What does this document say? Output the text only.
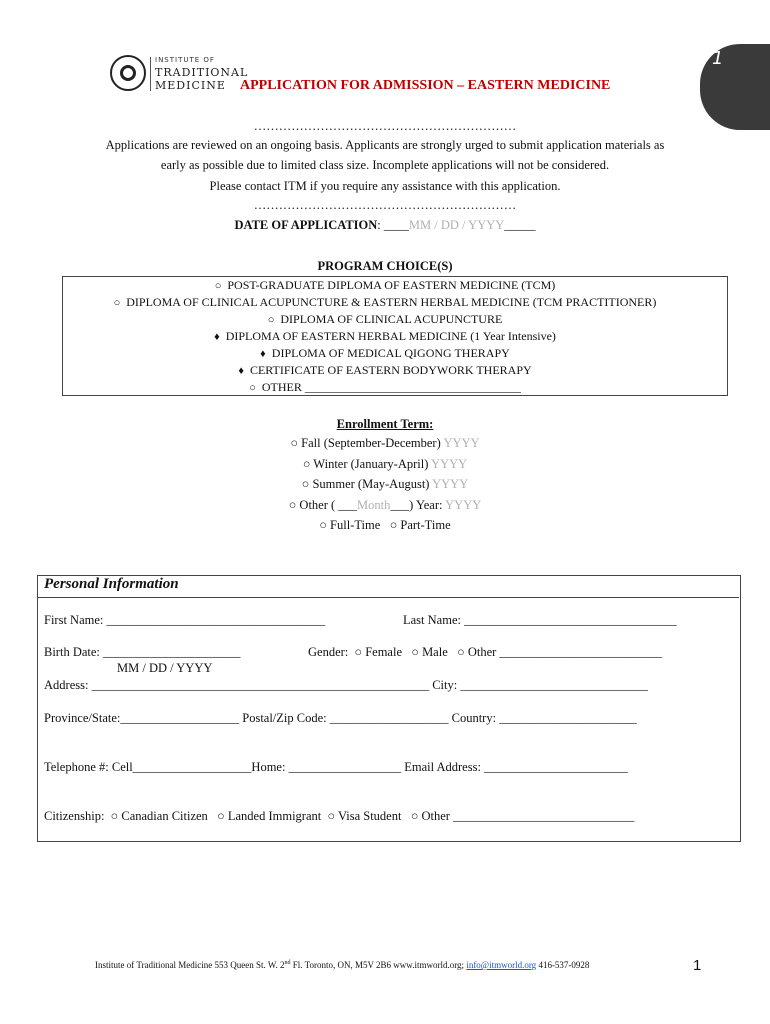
1
INSTITUTE OF
TRADITIONAL
MEDICINE APPLICATION FOR ADMISSION – EASTERN MEDICINE
………………………………………………………
Applications are reviewed on an ongoing basis. Applicants are strongly urged to submit application materials as
early as possible due to limited class size. Incomplete applications will not be considered.
Please contact ITM if you require any assistance with this application.
………………………………………………………
DATE OF APPLICATION: ____MM / DD / YYYY_____
PROGRAM CHOICE(S)
○ POST-GRADUATE DIPLOMA OF EASTERN MEDICINE (TCM)
○ DIPLOMA OF CLINICAL ACUPUNCTURE & EASTERN HERBAL MEDICINE (TCM PRACTITIONER)
○ DIPLOMA OF CLINICAL ACUPUNCTURE
♦ DIPLOMA OF EASTERN HERBAL MEDICINE (1 Year Intensive)
♦ DIPLOMA OF MEDICAL QIGONG THERAPY
♦ CERTIFICATE OF EASTERN BODYWORK THERAPY
○ OTHER ____________________________________
Enrollment Term:
○ Fall (September-December) YYYY
○ Winter (January-April) YYYY
○ Summer (May-August) YYYY
○ Other ( ___Month___) Year: YYYY
○ Full-Time ○ Part-Time
Personal Information
First Name: ___________________________________	Last Name: __________________________________
Birth Date: ______________________	Gender: ○ Female ○ Male ○ Other __________________________
MM / DD / YYYY
Address: ______________________________________________________ City: ______________________________
Province/State:___________________ Postal/Zip Code: ___________________ Country: ______________________
Telephone #: Cell___________________Home: __________________ Email Address: _______________________
Citizenship: ○ Canadian Citizen ○ Landed Immigrant ○ Visa Student ○ Other _____________________________
Institute of Traditional Medicine 553 Queen St. W. 2nd Fl. Toronto, ON, M5V 2B6 www.itmworld.org; info@itmworld.org 416-537-0928	1
